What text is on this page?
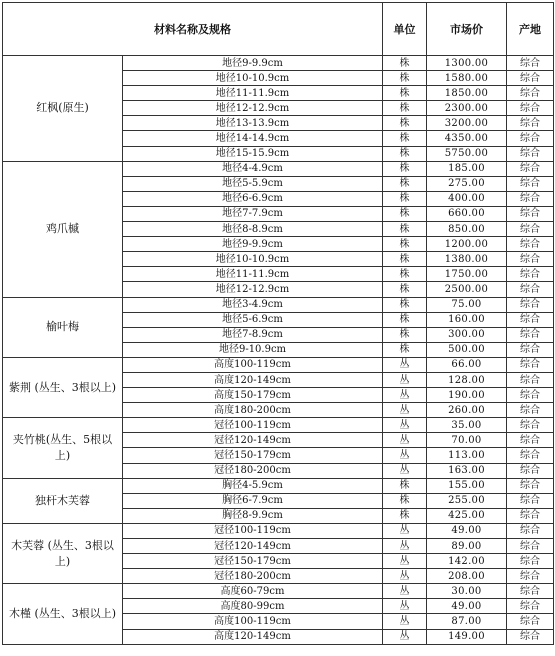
材料名称及规格		单位	市场价	产地
红枫(原生)	地径9-9.9cm	株	1300.00	综合
	地径10-10.9cm	株	1580.00	综合
	地径11-11.9cm	株	1850.00	综合
	地径12-12.9cm	株	2300.00	综合
	地径13-13.9cm	株	3200.00	综合
	地径14-14.9cm	株	4350.00	综合
	地径15-15.9cm	株	5750.00	综合
鸡爪槭	地径4-4.9cm	株	185.00	综合
	地径5-5.9cm	株	275.00	综合
	地径6-6.9cm	株	400.00	综合
	地径7-7.9cm	株	660.00	综合
	地径8-8.9cm	株	850.00	综合
	地径9-9.9cm	株	1200.00	综合
	地径10-10.9cm	株	1380.00	综合
	地径11-11.9cm	株	1750.00	综合
	地径12-12.9cm	株	2500.00	综合
榆叶梅	地径3-4.9cm	株	75.00	综合
	地径5-6.9cm	株	160.00	综合
	地径7-8.9cm	株	300.00	综合
	地径9-10.9cm	株	500.00	综合
紫荆 (丛生、3根以上)	高度100-119cm	丛	66.00	综合
	高度120-149cm	丛	128.00	综合
	高度150-179cm	丛	190.00	综合
	高度180-200cm	丛	260.00	综合
夹竹桃(丛生、5根以上)	冠径100-119cm	丛	35.00	综合
	冠径120-149cm	丛	70.00	综合
	冠径150-179cm	丛	113.00	综合
	冠径180-200cm	丛	163.00	综合
独杆木芙蓉	胸径4-5.9cm	株	155.00	综合
	胸径6-7.9cm	株	255.00	综合
	胸径8-9.9cm	株	425.00	综合
木芙蓉 (丛生、3根以上)	冠径100-119cm	丛	49.00	综合
	冠径120-149cm	丛	89.00	综合
	冠径150-179cm	丛	142.00	综合
	冠径180-200cm	丛	208.00	综合
木槿 (丛生、3根以上)	高度60-79cm	丛	30.00	综合
	高度80-99cm	丛	49.00	综合
	高度100-119cm	丛	87.00	综合
	高度120-149cm	丛	149.00	综合
